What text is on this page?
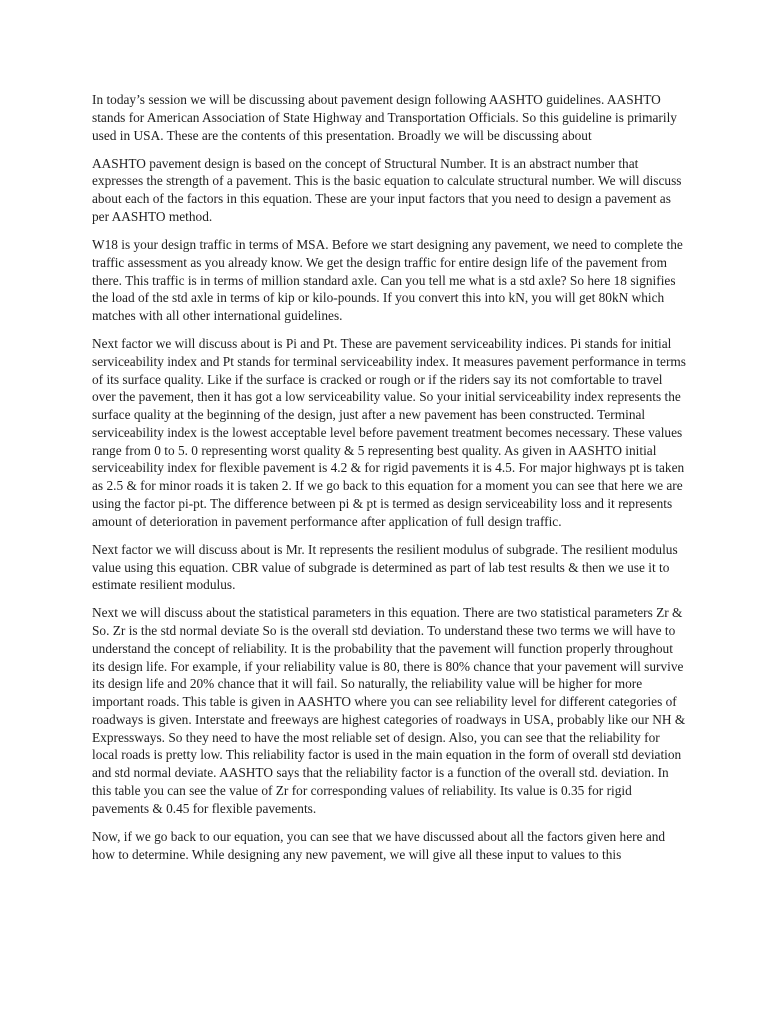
In today’s session we will be discussing about pavement design following AASHTO guidelines. AASHTO stands for American Association of State Highway and Transportation Officials. So this guideline is primarily used in USA. These are the contents of this presentation. Broadly we will be discussing about

AASHTO pavement design is based on the concept of Structural Number. It is an abstract number that expresses the strength of a pavement. This is the basic equation to calculate structural number. We will discuss about each of the factors in this equation. These are your input factors that you need to design a pavement as per AASHTO method.

W18 is your design traffic in terms of MSA. Before we start designing any pavement, we need to complete the traffic assessment as you already know. We get the design traffic for entire design life of the pavement from there. This traffic is in terms of million standard axle. Can you tell me what is a std axle? So here 18 signifies the load of the std axle in terms of kip or kilo-pounds. If you convert this into kN, you will get 80kN which matches with all other international guidelines.

Next factor we will discuss about is Pi and Pt. These are pavement serviceability indices. Pi stands for initial serviceability index and Pt stands for terminal serviceability index. It measures pavement performance in terms of its surface quality. Like if the surface is cracked or rough or if the riders say its not comfortable to travel over the pavement, then it has got a low serviceability value. So your initial serviceability index represents the surface quality at the beginning of the design, just after a new pavement has been constructed. Terminal serviceability index is the lowest acceptable level before pavement treatment becomes necessary. These values range from 0 to 5. 0 representing worst quality & 5 representing best quality. As given in AASHTO initial serviceability index for flexible pavement is 4.2 & for rigid pavements it is 4.5. For major highways pt is taken as 2.5 & for minor roads it is taken 2. If we go back to this equation for a moment you can see that here we are using the factor pi-pt. The difference between pi & pt is termed as design serviceability loss and it represents amount of deterioration in pavement performance after application of full design traffic.

Next factor we will discuss about is Mr. It represents the resilient modulus of subgrade. The resilient modulus value using this equation. CBR value of subgrade is determined as part of lab test results & then we use it to estimate resilient modulus.

Next we will discuss about the statistical parameters in this equation. There are two statistical parameters Zr & So. Zr is the std normal deviate So is the overall std deviation. To understand these two terms we will have to understand the concept of reliability. It is the probability that the pavement will function properly throughout its design life. For example, if your reliability value is 80, there is 80% chance that your pavement will survive its design life and 20% chance that it will fail. So naturally, the reliability value will be higher for more important roads. This table is given in AASHTO where you can see reliability level for different categories of roadways is given. Interstate and freeways are highest categories of roadways in USA, probably like our NH & Expressways. So they need to have the most reliable set of design. Also, you can see that the reliability for local roads is pretty low. This reliability factor is used in the main equation in the form of overall std deviation and std normal deviate. AASHTO says that the reliability factor is a function of the overall std. deviation. In this table you can see the value of Zr for corresponding values of reliability. Its value is 0.35 for rigid pavements & 0.45 for flexible pavements.

Now, if we go back to our equation, you can see that we have discussed about all the factors given here and how to determine. While designing any new pavement, we will give all these input to values to this
